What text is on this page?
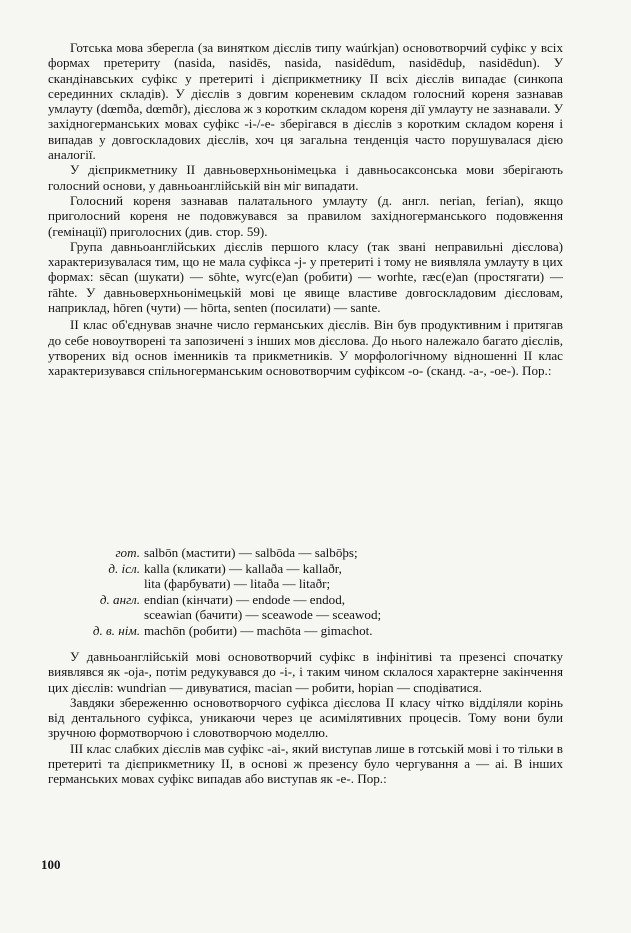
Готська мова зберегла (за винятком дієслів типу waúrkjan) основотворчий суфікс у всіх формах претериту (nasida, nasidēs, nasida, nasidēdum, nasidēduþ, nasidēdun). У скандінавських суфікс у претериті і дієприкметнику II всіх дієслів випадає (синкопа серединних складів). У дієслів з довгим кореневим складом голосний кореня зазнавав умлауту (dœmða, dœmðr), дієслова ж з коротким складом кореня дії умлауту не зазнавали. У західногерманських мовах суфікс -i-/-e- зберігався в дієслів з коротким складом кореня і випадав у довгоскладових дієслів, хоч ця загальна тенденція часто порушувалася дією аналогії.

У дієприкметнику II давньоверхньонімецька і давньосаксонська мови зберігають голосний основи, у давньоанглійській він міг випадати.

Голосний кореня зазнавав палатального умлауту (д. англ. nerian, ferian), якщо приголосний кореня не подовжувався за правилом західногерманського подовження (гемінації) приголосних (див. стор. 59).

Група давньоанглійських дієслів першого класу (так звані неправильні дієслова) характеризувалася тим, що не мала суфікса -j- у претериті і тому не виявляла умлауту в цих формах: sēcan (шукати) — sōhte, wyrc(e)an (робити) — worhte, ræc(e)an (простягати) — rāhte. У давньоверхньонімецькій мові це явище властиве довгоскладовим дієсловам, наприклад, hōren (чути) — hōrta, senten (посилати) — sante.

II клас об'єднував значне число германських дієслів. Він був продуктивним і притягав до себе новоутворені та запозичені з інших мов дієслова. До нього належало багато дієслів, утворених від основ іменників та прикметників. У морфологічному відношенні II клас характеризувався спільногерманським основотворчим суфіксом -o- (сканд. -a-, -oe-). Пор.:

гот. salbōn (мастити) — salbōda — salbōþs;
д. ісл. kalla (кликати) — kallaða — kallaðr,
lita (фарбувати) — litaða — litaðr;
д. англ. endian (кінчати) — endode — endod,
sceawian (бачити) — sceawode — sceawod;
д. в. нім. machōn (робити) — machōta — gimachot.

У давньоанглійській мові основотворчий суфікс в інфінітиві та презенсі спочатку виявлявся як -oja-, потім редукувався до -i-, і таким чином склалося характерне закінчення цих дієслів: wundrian — дивуватися, macian — робити, hopian — сподіватися.

Завдяки збереженню основотворчого суфікса дієслова II класу чітко відділяли корінь від дентального суфікса, уникаючи через це асимілятивних процесів. Тому вони були зручною формотворчою і словотворчою моделлю.

III клас слабких дієслів мав суфікс -ai-, який виступав лише в готській мові і то тільки в претериті та дієприкметнику II, в основі ж презенсу було чергування a — ai. В інших германських мовах суфікс випадав або виступав як -e-. Пор.:

100
